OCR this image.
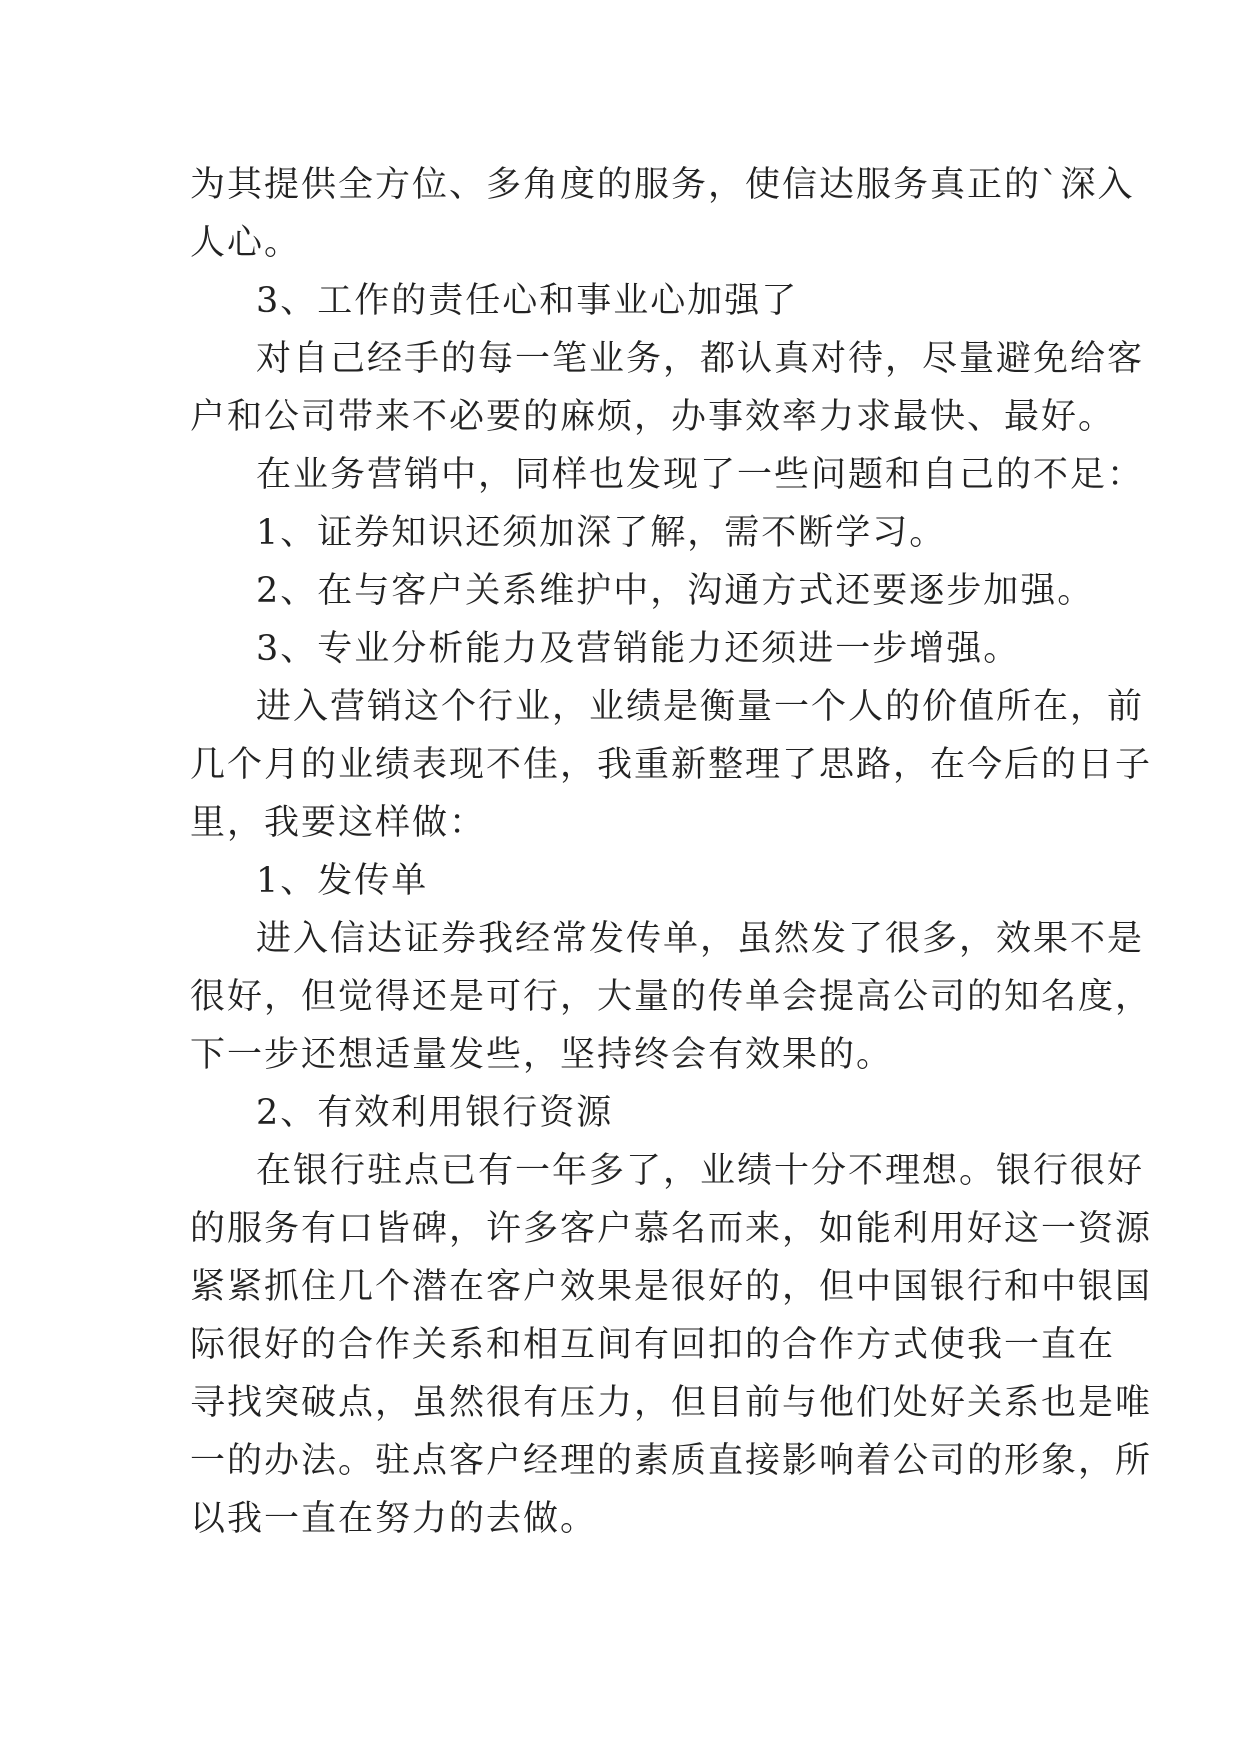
为其提供全方位、多角度的服务，使信达服务真正的`深入
人心。
3、工作的责任心和事业心加强了
对自己经手的每一笔业务，都认真对待，尽量避免给客
户和公司带来不必要的麻烦，办事效率力求最快、最好。
在业务营销中，同样也发现了一些问题和自己的不足：
1、证券知识还须加深了解，需不断学习。
2、在与客户关系维护中，沟通方式还要逐步加强。
3、专业分析能力及营销能力还须进一步增强。
进入营销这个行业，业绩是衡量一个人的价值所在，前
几个月的业绩表现不佳，我重新整理了思路，在今后的日子
里，我要这样做：
1、发传单
进入信达证券我经常发传单，虽然发了很多，效果不是
很好，但觉得还是可行，大量的传单会提高公司的知名度，
下一步还想适量发些，坚持终会有效果的。
2、有效利用银行资源
在银行驻点已有一年多了，业绩十分不理想。银行很好
的服务有口皆碑，许多客户慕名而来，如能利用好这一资源
紧紧抓住几个潜在客户效果是很好的，但中国银行和中银国
际很好的合作关系和相互间有回扣的合作方式使我一直在
寻找突破点，虽然很有压力，但目前与他们处好关系也是唯
一的办法。驻点客户经理的素质直接影响着公司的形象，所
以我一直在努力的去做。
